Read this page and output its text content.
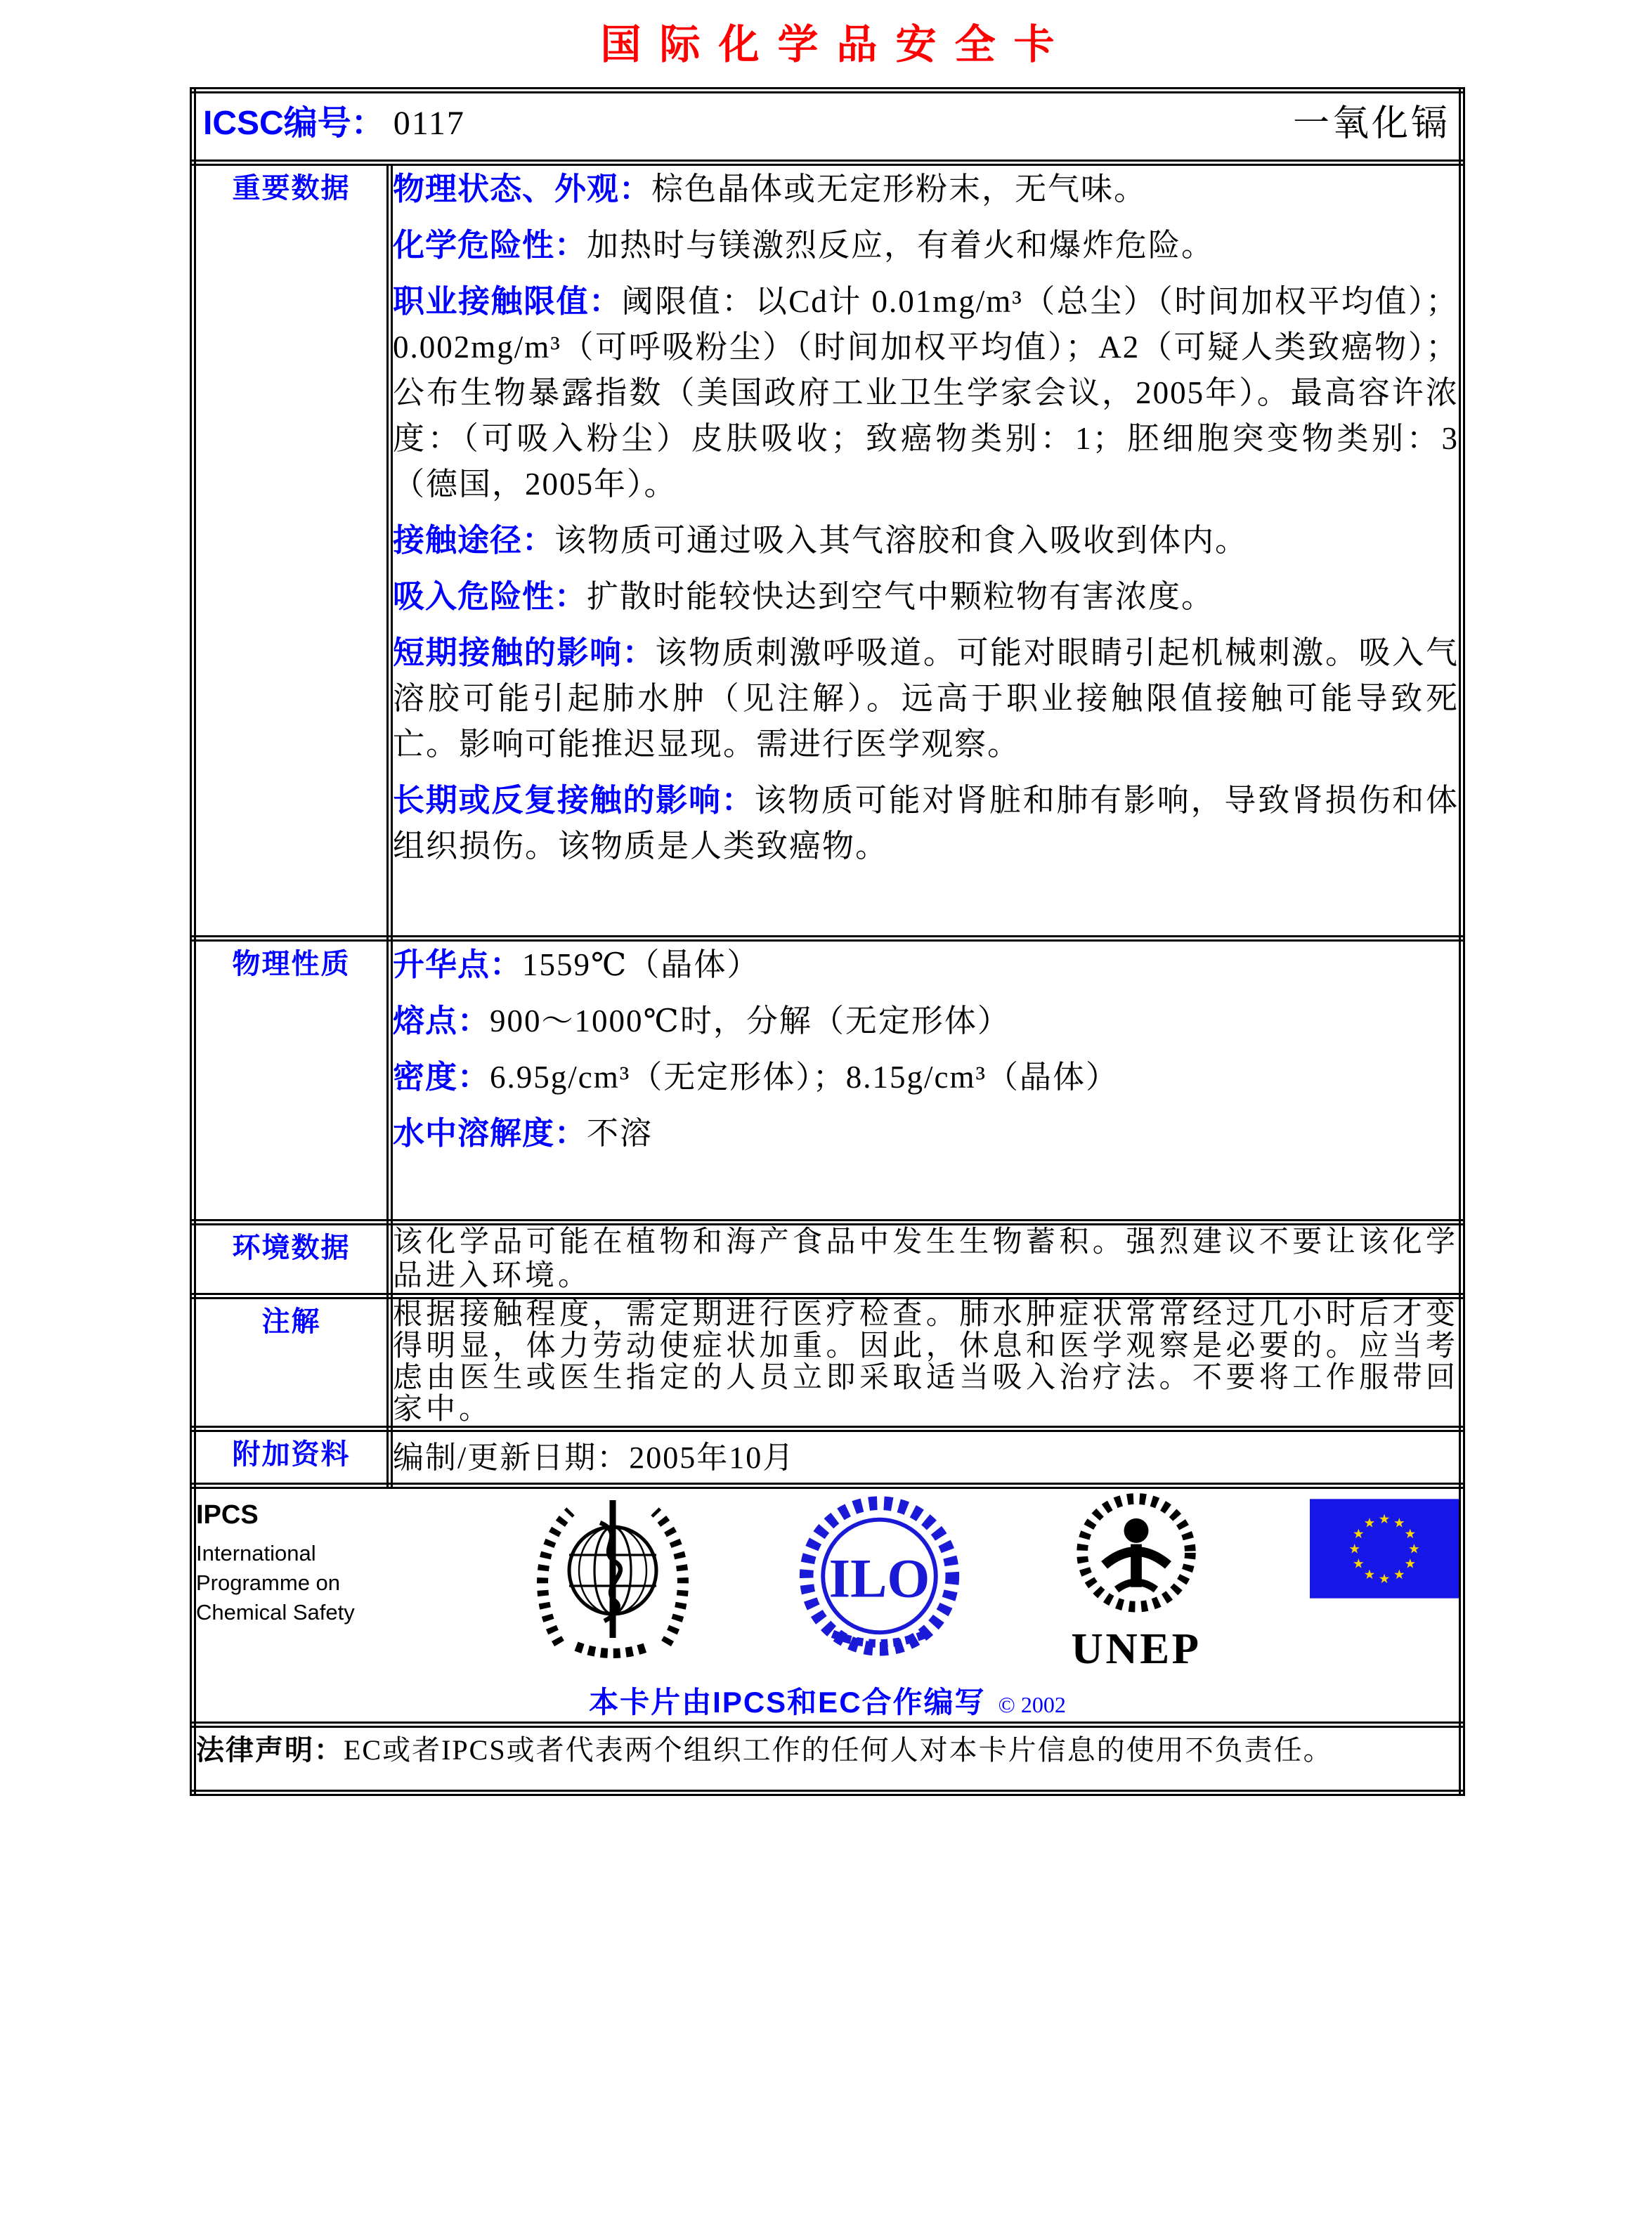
国际化学品安全卡
ICSC编号： 0117 一氧化镉	

重要数据	物理状态、外观：棕色晶体或无定形粉末，无气味。

化学危险性：加热时与镁激烈反应，有着火和爆炸危险。

职业接触限值：阈限值：以Cd计 0.01mg/m³（总尘）（时间加权平均值）；0.002mg/m³（可呼吸粉尘）（时间加权平均值）；A2（可疑人类致癌物）；公布生物暴露指数（美国政府工业卫生学家会议，2005年）。最高容许浓度：（可吸入粉尘）皮肤吸收；致癌物类别：1；胚细胞突变物类别：3（德国，2005年）。

接触途径：该物质可通过吸入其气溶胶和食入吸收到体内。

吸入危险性：扩散时能较快达到空气中颗粒物有害浓度。

短期接触的影响：该物质刺激呼吸道。可能对眼睛引起机械刺激。吸入气溶胶可能引起肺水肿（见注解）。远高于职业接触限值接触可能导致死亡。影响可能推迟显现。需进行医学观察。

长期或反复接触的影响：该物质可能对肾脏和肺有影响，导致肾损伤和体组织损伤。该物质是人类致癌物。

物理性质	升华点：1559℃（晶体）

熔点：900～1000℃时，分解（无定形体）

密度：6.95g/cm³（无定形体）；8.15g/cm³（晶体）

水中溶解度：不溶

环境数据	该化学品可能在植物和海产食品中发生生物蓄积。强烈建议不要让该化学品进入环境。

注解	根据接触程度，需定期进行医疗检查。肺水肿症状常常经过几小时后才变得明显，体力劳动使症状加重。因此，休息和医学观察是必要的。应当考虑由医生或医生指定的人员立即采取适当吸入治疗法。不要将工作服带回家中。

附加资料	编制/更新日期：2005年10月

IPCS
International
Programme on
Chemical Safety
ILO
UNEP
★
★
★
★
★
★
★
★
★ ★ ★
★
本卡片由IPCS和EC合作编写 © 2002

法律声明：EC或者IPCS或者代表两个组织工作的任何人对本卡片信息的使用不负责任。	
